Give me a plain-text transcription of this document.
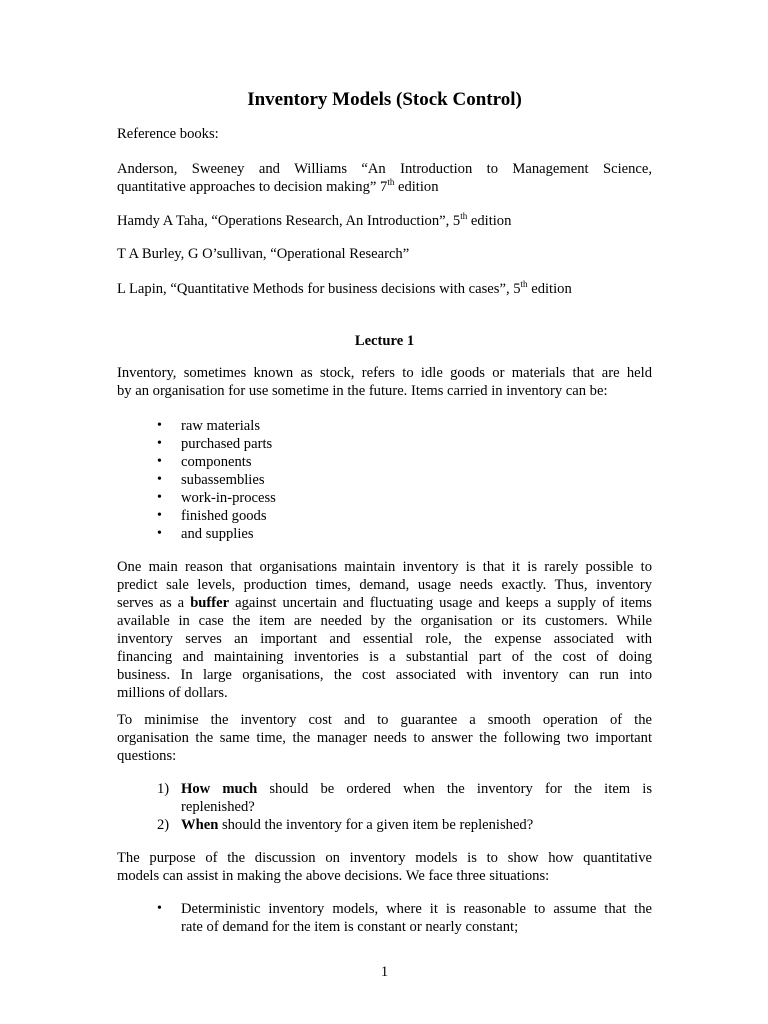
Inventory Models (Stock Control)

Reference books:

Anderson, Sweeney and Williams “An Introduction to Management Science,
quantitative approaches to decision making” 7th edition

Hamdy A Taha, “Operations Research, An Introduction”, 5th edition

T A Burley, G O’sullivan, “Operational Research”

L Lapin, “Quantitative Methods for business decisions with cases”, 5th edition

Lecture 1

Inventory, sometimes known as stock, refers to idle goods or materials that are held
by an organisation for use sometime in the future. Items carried in inventory can be:
•	raw materials
•	purchased parts
•	components
•	subassemblies
•	work-in-process
•	finished goods
•	and supplies
One main reason that organisations maintain inventory is that it is rarely possible to
predict sale levels, production times, demand, usage needs exactly. Thus, inventory
serves as a buffer against uncertain and fluctuating usage and keeps a supply of items
available in case the item are needed by the organisation or its customers. While
inventory serves an important and essential role, the expense associated with
financing and maintaining inventories is a substantial part of the cost of doing
business. In large organisations, the cost associated with inventory can run into
millions of dollars.
To minimise the inventory cost and to guarantee a smooth operation of the
organisation the same time, the manager needs to answer the following two important
questions:
1) How much should be ordered when the inventory for the item is
replenished?
2) When should the inventory for a given item be replenished?
The purpose of the discussion on inventory models is to show how quantitative
models can assist in making the above decisions. We face three situations:
•	Deterministic inventory models, where it is reasonable to assume that the
rate of demand for the item is constant or nearly constant;

1
